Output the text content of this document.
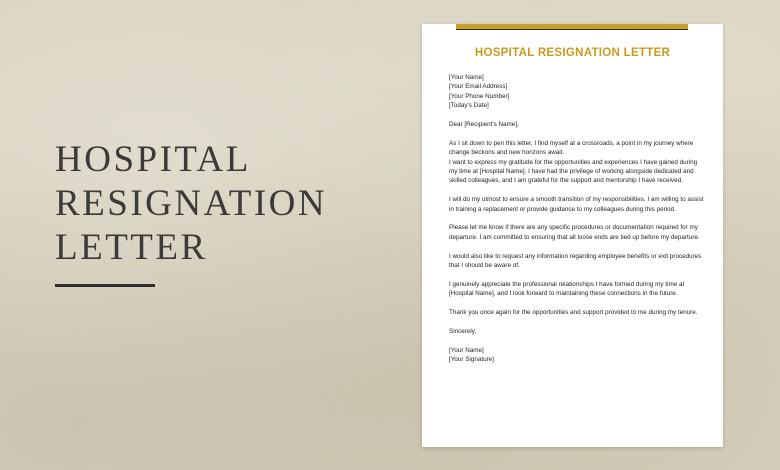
HOSPITAL
RESIGNATION
LETTER
HOSPITAL RESIGNATION LETTER
[Your Name]
[Your Email Address]
[Your Phone Number]
[Today's Date]
Dear [Recipient's Name],
As I sit down to pen this letter, I find myself at a crossroads, a point in my journey where
change beckons and new horizons await.
I want to express my gratitude for the opportunities and experiences I have gained during
my time at [Hospital Name]. I have had the privilege of working alongside dedicated and
skilled colleagues, and I am grateful for the support and mentorship I have received.
I will do my utmost to ensure a smooth transition of my responsibilities. I am willing to assist
in training a replacement or provide guidance to my colleagues during this period.
Please let me know if there are any specific procedures or documentation required for my
departure. I am committed to ensuring that all loose ends are tied up before my departure.
I would also like to request any information regarding employee benefits or exit procedures
that I should be aware of.
I genuinely appreciate the professional relationships I have formed during my time at
[Hospital Name], and I look forward to maintaining these connections in the future.
Thank you once again for the opportunities and support provided to me during my tenure.
Sincerely,
[Your Name]
[Your Signature]
